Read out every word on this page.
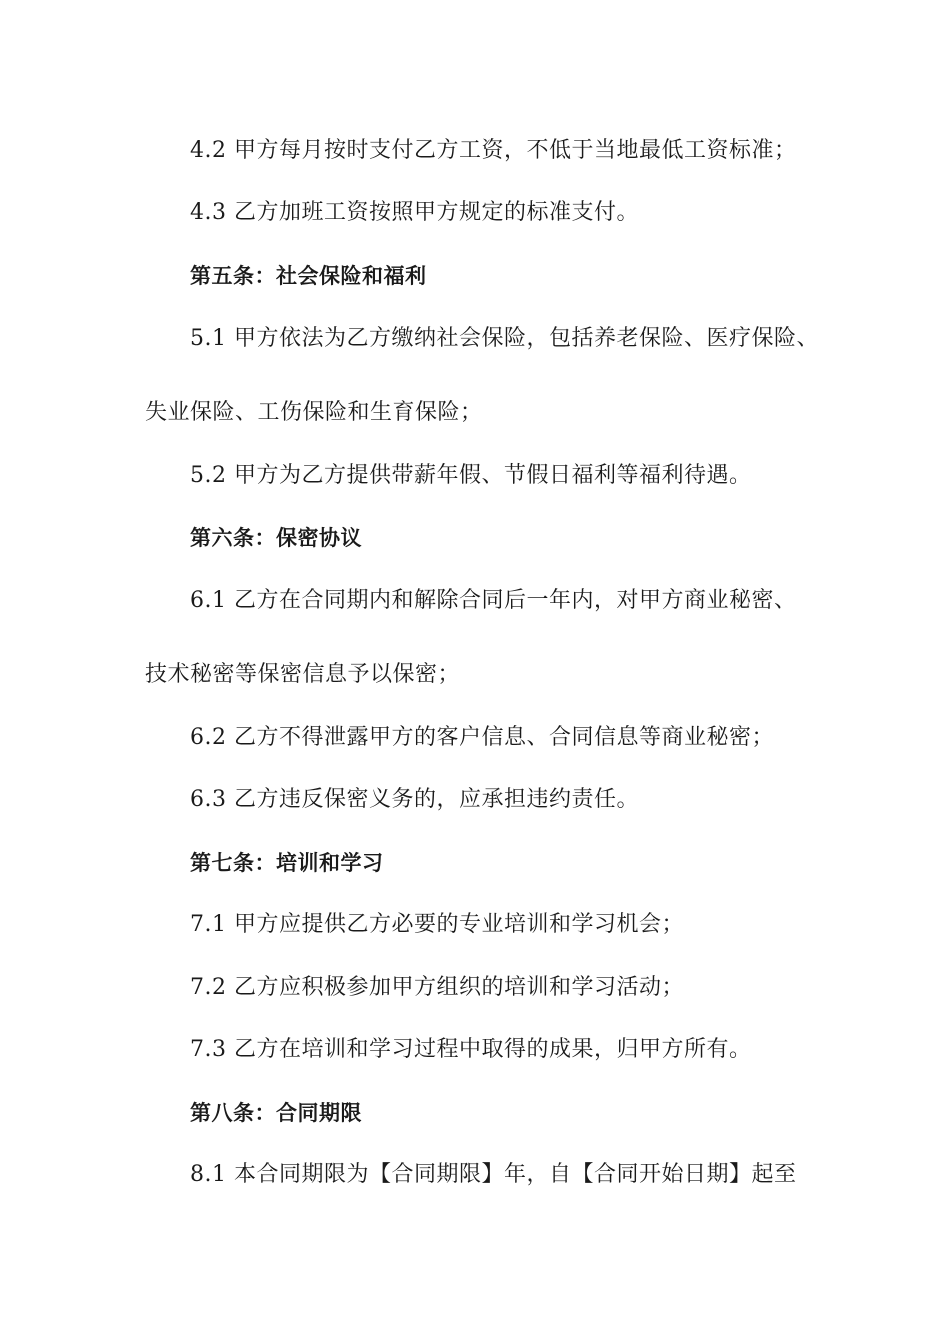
4.2 甲方每月按时支付乙方工资，不低于当地最低工资标准；
4.3 乙方加班工资按照甲方规定的标准支付。
第五条：社会保险和福利
5.1 甲方依法为乙方缴纳社会保险，包括养老保险、医疗保险、
失业保险、工伤保险和生育保险；
5.2 甲方为乙方提供带薪年假、节假日福利等福利待遇。
第六条：保密协议
6.1 乙方在合同期内和解除合同后一年内，对甲方商业秘密、
技术秘密等保密信息予以保密；
6.2 乙方不得泄露甲方的客户信息、合同信息等商业秘密；
6.3 乙方违反保密义务的，应承担违约责任。
第七条：培训和学习
7.1 甲方应提供乙方必要的专业培训和学习机会；
7.2 乙方应积极参加甲方组织的培训和学习活动；
7.3 乙方在培训和学习过程中取得的成果，归甲方所有。
第八条：合同期限
8.1 本合同期限为【合同期限】年，自【合同开始日期】起至
